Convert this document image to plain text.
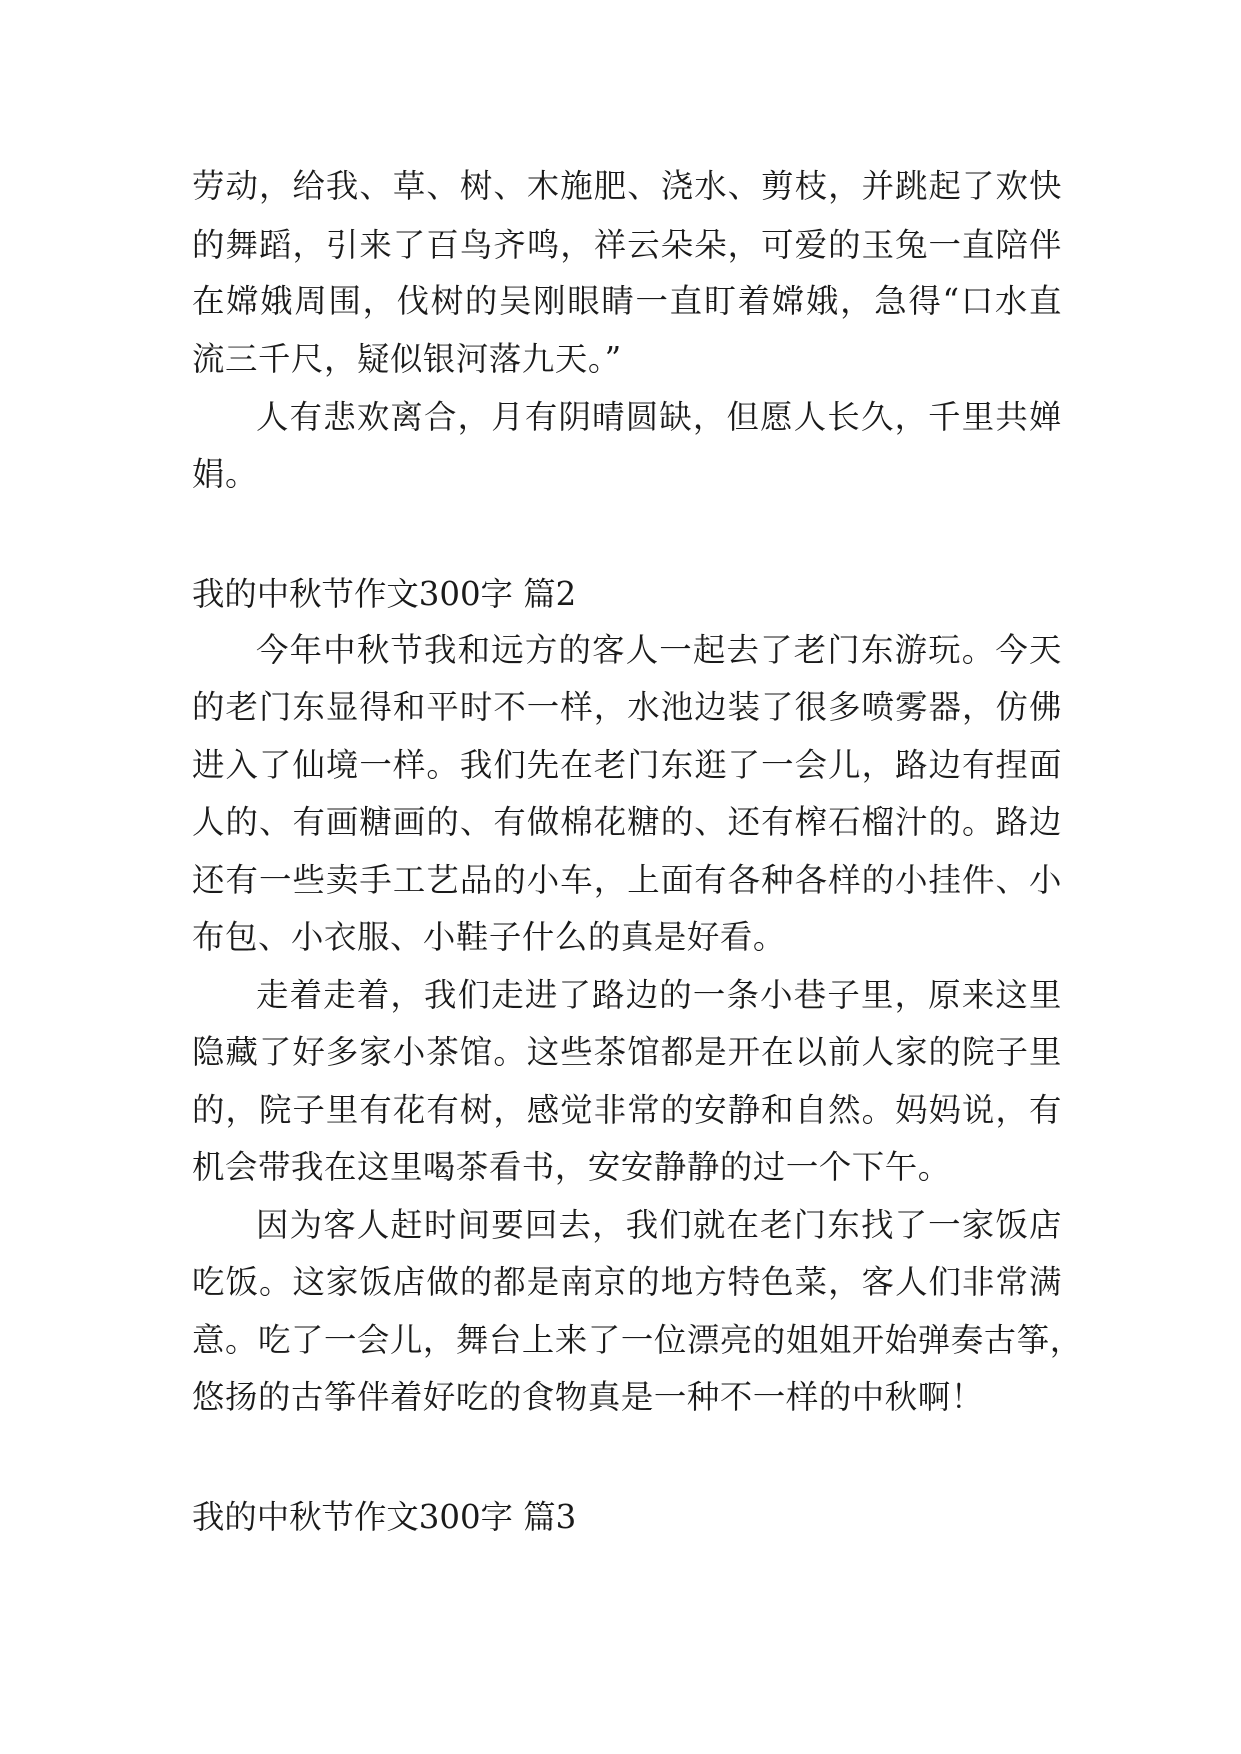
劳动，给我、草、树、木施肥、浇水、剪枝，并跳起了欢快
的舞蹈，引来了百鸟齐鸣，祥云朵朵，可爱的玉兔一直陪伴
在嫦娥周围，伐树的吴刚眼睛一直盯着嫦娥，急得“口水直
流三千尺，疑似银河落九天。”
人有悲欢离合，月有阴晴圆缺，但愿人长久，千里共婵
娟。
我的中秋节作文300字 篇2
今年中秋节我和远方的客人一起去了老门东游玩。今天
的老门东显得和平时不一样，水池边装了很多喷雾器，仿佛
进入了仙境一样。我们先在老门东逛了一会儿，路边有捏面
人的、有画糖画的、有做棉花糖的、还有榨石榴汁的。路边
还有一些卖手工艺品的小车，上面有各种各样的小挂件、小
布包、小衣服、小鞋子什么的真是好看。
走着走着，我们走进了路边的一条小巷子里，原来这里
隐藏了好多家小茶馆。这些茶馆都是开在以前人家的院子里
的，院子里有花有树，感觉非常的安静和自然。妈妈说，有
机会带我在这里喝茶看书，安安静静的过一个下午。
因为客人赶时间要回去，我们就在老门东找了一家饭店
吃饭。这家饭店做的都是南京的地方特色菜，客人们非常满
意。吃了一会儿，舞台上来了一位漂亮的姐姐开始弹奏古筝，
悠扬的古筝伴着好吃的食物真是一种不一样的中秋啊！
我的中秋节作文300字 篇3
